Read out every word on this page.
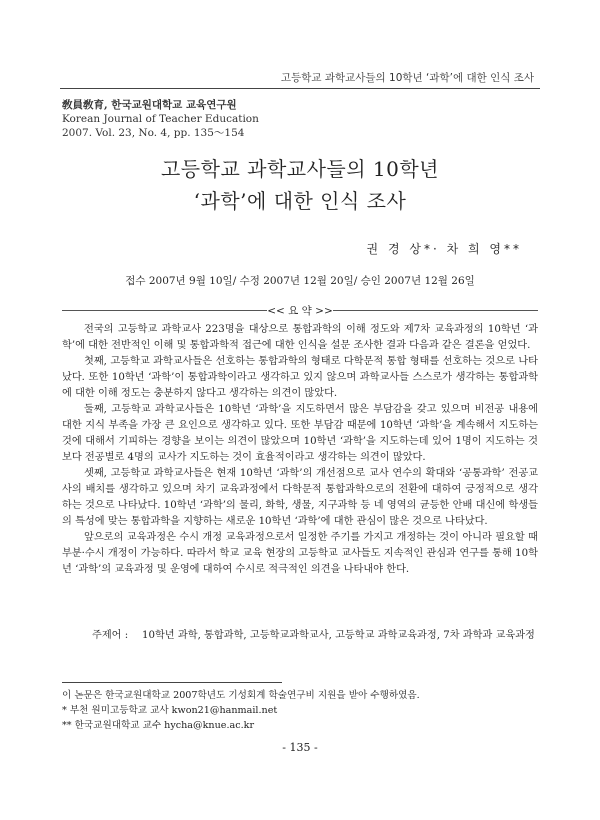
고등학교 과학교사들의 10학년 ‘과학’에 대한 인식 조사
敎員敎育, 한국교원대학교 교육연구원
Korean Journal of Teacher Education
2007. Vol. 23, No. 4, pp. 135～154
고등학교 과학교사들의 10학년
‘과학’에 대한 인식 조사
권 경 상*· 차 희 영**
접수 2007년 9월 10일/ 수정 2007년 12월 20일/ 승인 2007년 12월 26일
<< 요 약 >>

전국의 고등학교 과학교사 223명을 대상으로 통합과학의 이해 정도와 제7차 교육과정의 10학년 ‘과학’에 대한 전반적인 이해 및 통합과학적 접근에 대한 인식을 설문 조사한 결과 다음과 같은 결론을 얻었다.

첫째, 고등학교 과학교사들은 선호하는 통합과학의 형태로 다학문적 통합 형태를 선호하는 것으로 나타났다. 또한 10학년 ‘과학’이 통합과학이라고 생각하고 있지 않으며 과학교사들 스스로가 생각하는 통합과학에 대한 이해 정도는 충분하지 않다고 생각하는 의견이 많았다.

둘째, 고등학교 과학교사들은 10학년 ‘과학’을 지도하면서 많은 부담감을 갖고 있으며 비전공 내용에 대한 지식 부족을 가장 큰 요인으로 생각하고 있다. 또한 부담감 때문에 10학년 ‘과학’을 계속해서 지도하는 것에 대해서 기피하는 경향을 보이는 의견이 많았으며 10학년 ‘과학’을 지도하는데 있어 1명이 지도하는 것보다 전공별로 4명의 교사가 지도하는 것이 효율적이라고 생각하는 의견이 많았다.

셋째, 고등학교 과학교사들은 현재 10학년 ‘과학’의 개선점으로 교사 연수의 확대와 ‘공통과학’ 전공교사의 배치를 생각하고 있으며 차기 교육과정에서 다학문적 통합과학으로의 전환에 대하여 긍정적으로 생각하는 것으로 나타났다. 10학년 ‘과학’의 물리, 화학, 생물, 지구과학 등 네 영역의 균등한 안배 대신에 학생들의 특성에 맞는 통합과학을 지향하는 새로운 10학년 ‘과학’에 대한 관심이 많은 것으로 나타났다.

앞으로의 교육과정은 수시 개정 교육과정으로서 일정한 주기를 가지고 개정하는 것이 아니라 필요할 때 부분·수시 개정이 가능하다. 따라서 학교 교육 현장의 고등학교 교사들도 지속적인 관심과 연구를 통해 10학년 ‘과학’의 교육과정 및 운영에 대하여 수시로 적극적인 의견을 나타내야 한다.

주제어 : 10학년 과학, 통합과학, 고등학교과학교사, 고등학교 과학교육과정, 7차 과학과 교육과정
이 논문은 한국교원대학교 2007학년도 기성회계 학술연구비 지원을 받아 수행하였음.
* 부천 원미고등학교 교사 kwon21@hanmail.net
** 한국교원대학교 교수 hycha@knue.ac.kr
- 135 -
